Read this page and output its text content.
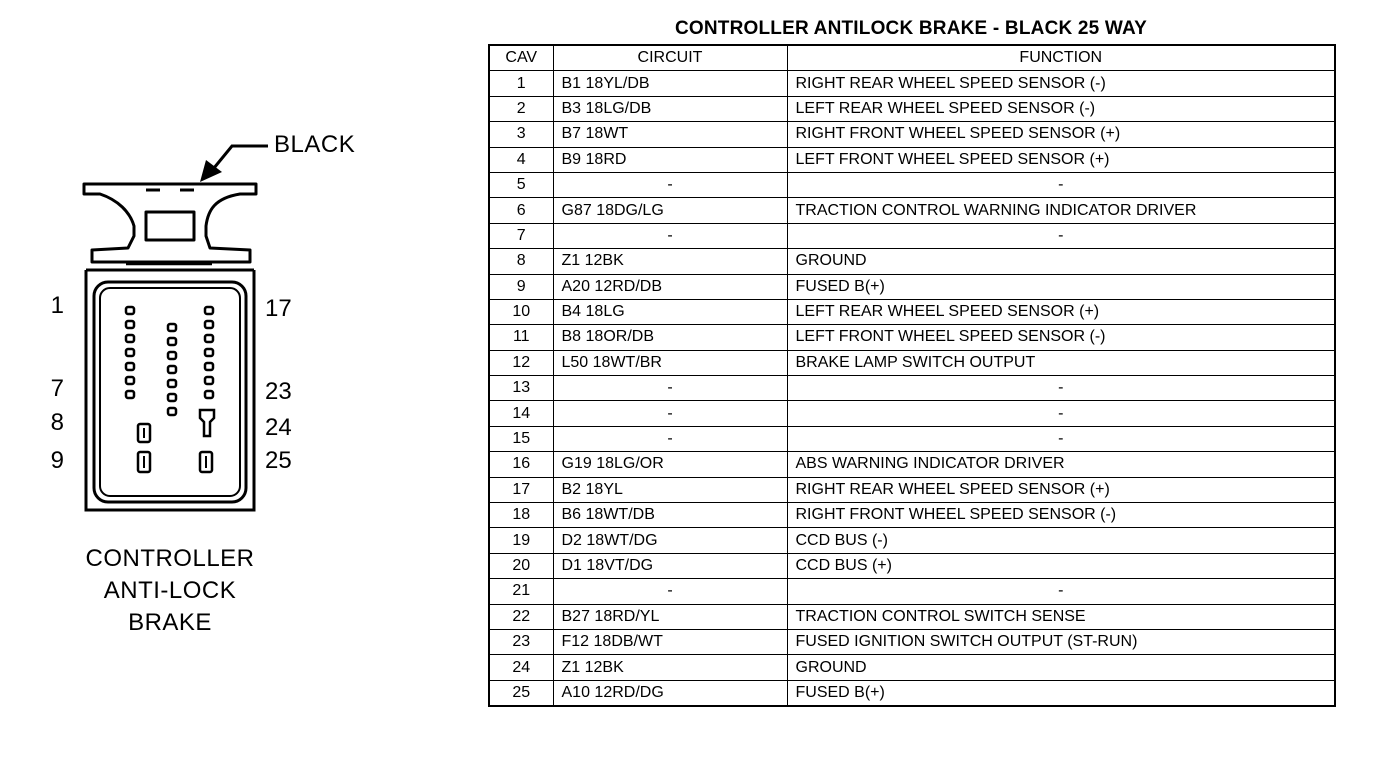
BLACK
1
7
8
9
17
23
24
25
CONTROLLER
ANTI-LOCK
BRAKE
CONTROLLER ANTILOCK BRAKE - BLACK 25 WAY
CAV	CIRCUIT	FUNCTION
1	B1 18YL/DB	RIGHT REAR WHEEL SPEED SENSOR (-)
2	B3 18LG/DB	LEFT REAR WHEEL SPEED SENSOR (-)
3	B7 18WT	RIGHT FRONT WHEEL SPEED SENSOR (+)
4	B9 18RD	LEFT FRONT WHEEL SPEED SENSOR (+)
5	-	-
6	G87 18DG/LG	TRACTION CONTROL WARNING INDICATOR DRIVER
7	-	-
8	Z1 12BK	GROUND
9	A20 12RD/DB	FUSED B(+)
10	B4 18LG	LEFT REAR WHEEL SPEED SENSOR (+)
11	B8 18OR/DB	LEFT FRONT WHEEL SPEED SENSOR (-)
12	L50 18WT/BR	BRAKE LAMP SWITCH OUTPUT
13	-	-
14	-	-
15	-	-
16	G19 18LG/OR	ABS WARNING INDICATOR DRIVER
17	B2 18YL	RIGHT REAR WHEEL SPEED SENSOR (+)
18	B6 18WT/DB	RIGHT FRONT WHEEL SPEED SENSOR (-)
19	D2 18WT/DG	CCD BUS (-)
20	D1 18VT/DG	CCD BUS (+)
21	-	-
22	B27 18RD/YL	TRACTION CONTROL SWITCH SENSE
23	F12 18DB/WT	FUSED IGNITION SWITCH OUTPUT (ST-RUN)
24	Z1 12BK	GROUND
25	A10 12RD/DG	FUSED B(+)
